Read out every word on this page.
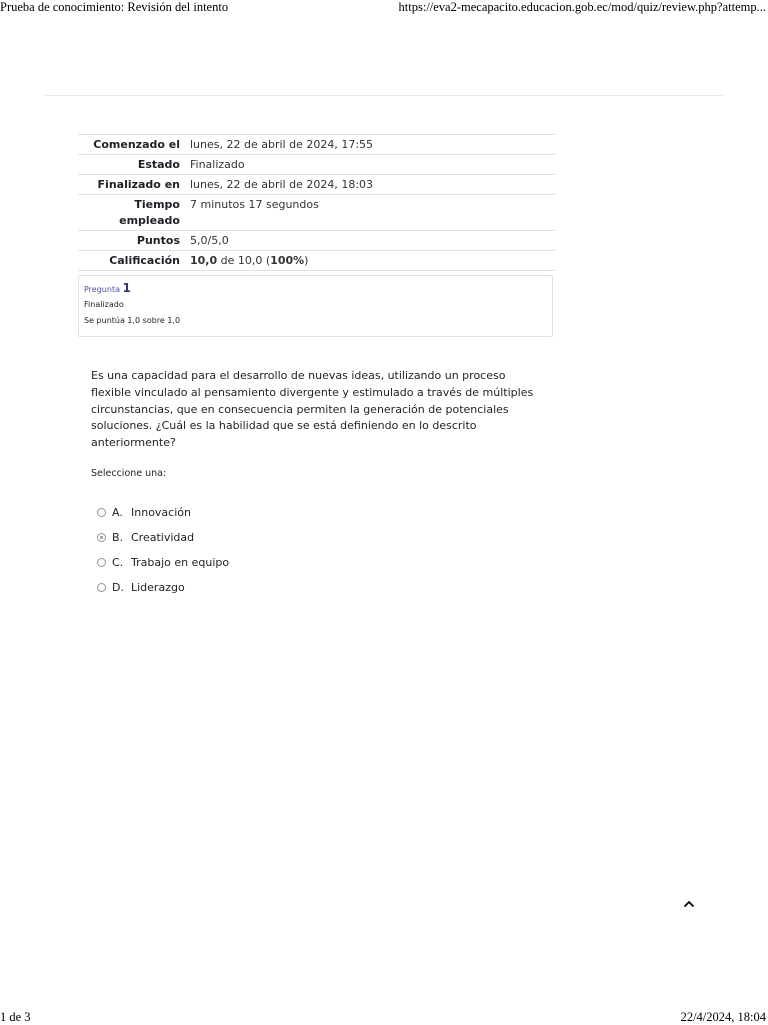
Prueba de conocimiento: Revisión del intento	https://eva2-mecapacito.educacion.gob.ec/mod/quiz/review.php?attemp...
Comenzado el	lunes, 22 de abril de 2024, 17:55
Estado	Finalizado
Finalizado en	lunes, 22 de abril de 2024, 18:03
Tiempo empleado	7 minutos 17 segundos
Puntos	5,0/5,0
Calificación	10,0 de 10,0 (100%)
Pregunta 1
Finalizado
Se puntúa 1,0 sobre 1,0
Es una capacidad para el desarrollo de nuevas ideas, utilizando un proceso flexible vinculado al pensamiento divergente y estimulado a través de múltiples circunstancias, que en consecuencia permiten la generación de potenciales soluciones. ¿Cuál es la habilidad que se está definiendo en lo descrito anteriormente?
Seleccione una:
A. Innovación
B. Creatividad
C. Trabajo en equipo
D. Liderazgo
1 de 3	22/4/2024, 18:04
